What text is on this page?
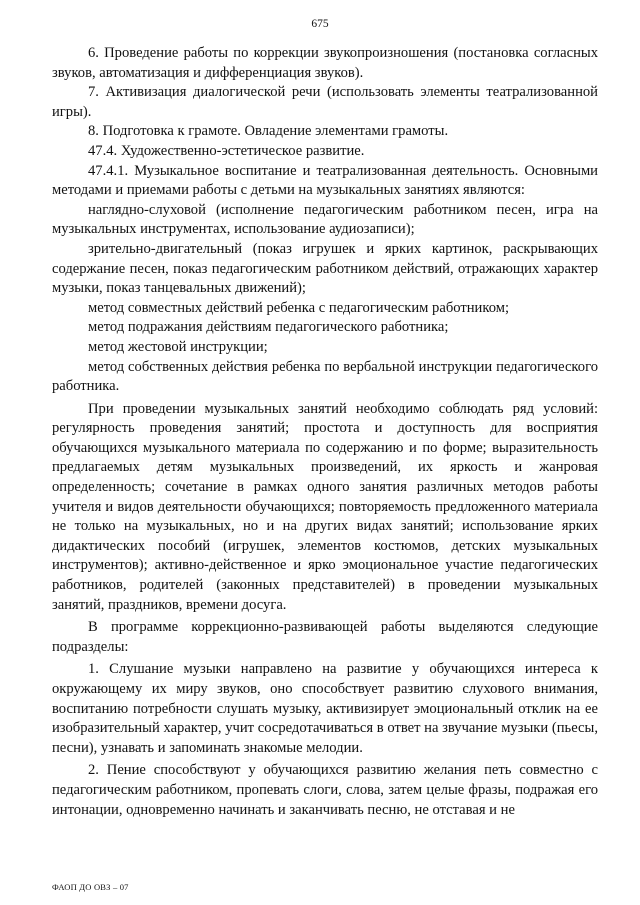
675

6. Проведение работы по коррекции звукопроизношения (постановка согласных звуков, автоматизация и дифференциация звуков).

7. Активизация диалогической речи (использовать элементы театрализованной игры).

8. Подготовка к грамоте. Овладение элементами грамоты.

47.4. Художественно-эстетическое развитие.

47.4.1. Музыкальное воспитание и театрализованная деятельность. Основными методами и приемами работы с детьми на музыкальных занятиях являются:

наглядно-слуховой (исполнение педагогическим работником песен, игра на музыкальных инструментах, использование аудиозаписи);

зрительно-двигательный (показ игрушек и ярких картинок, раскрывающих содержание песен, показ педагогическим работником действий, отражающих характер музыки, показ танцевальных движений);

метод совместных действий ребенка с педагогическим работником;

метод подражания действиям педагогического работника;

метод жестовой инструкции;

метод собственных действия ребенка по вербальной инструкции педагогического работника.

При проведении музыкальных занятий необходимо соблюдать ряд условий: регулярность проведения занятий; простота и доступность для восприятия обучающихся музыкального материала по содержанию и по форме; выразительность предлагаемых детям музыкальных произведений, их яркость и жанровая определенность; сочетание в рамках одного занятия различных методов работы учителя и видов деятельности обучающихся; повторяемость предложенного материала не только на музыкальных, но и на других видах занятий; использование ярких дидактических пособий (игрушек, элементов костюмов, детских музыкальных инструментов); активно-действенное и ярко эмоциональное участие педагогических работников, родителей (законных представителей) в проведении музыкальных занятий, праздников, времени досуга.

В программе коррекционно-развивающей работы выделяются следующие подразделы:

1. Слушание музыки направлено на развитие у обучающихся интереса к окружающему их миру звуков, оно способствует развитию слухового внимания, воспитанию потребности слушать музыку, активизирует эмоциональный отклик на ее изобразительный характер, учит сосредотачиваться в ответ на звучание музыки (пьесы, песни), узнавать и запоминать знакомые мелодии.

2. Пение способствуют у обучающихся развитию желания петь совместно с педагогическим работником, пропевать слоги, слова, затем целые фразы, подражая его интонации, одновременно начинать и заканчивать песню, не отставая и не

ФАОП ДО ОВЗ – 07
